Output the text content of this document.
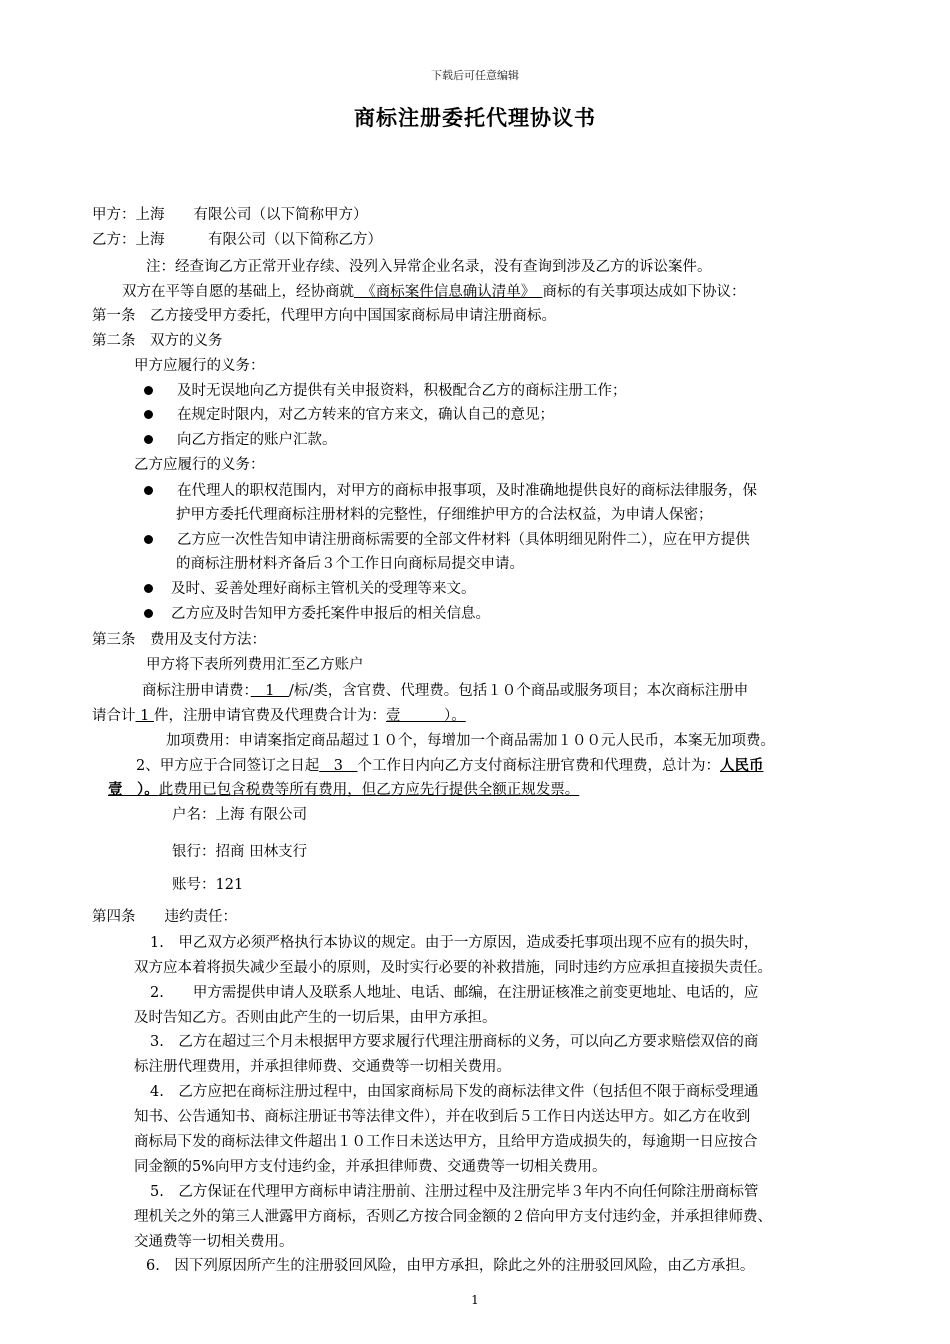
下载后可任意编辑
商标注册委托代理协议书
甲方：上海　　有限公司（以下简称甲方）
乙方：上海　　　有限公司（以下简称乙方）
注：经查询乙方正常开业存续、没列入异常企业名录，没有查询到涉及乙方的诉讼案件。
双方在平等自愿的基础上，经协商就　《商标案件信息确认清单》　商标的有关事项达成如下协议：
第一条　乙方接受甲方委托，代理甲方向中国国家商标局申请注册商标。
第二条　双方的义务
甲方应履行的义务：
及时无误地向乙方提供有关申报资料，积极配合乙方的商标注册工作；
在规定时限内，对乙方转来的官方来文，确认自己的意见；
向乙方指定的账户汇款。
乙方应履行的义务：
在代理人的职权范围内，对甲方的商标申报事项，及时准确地提供良好的商标法律服务，保
护甲方委托代理商标注册材料的完整性，仔细维护甲方的合法权益，为申请人保密；
乙方应一次性告知申请注册商标需要的全部文件材料（具体明细见附件二），应在甲方提供
的商标注册材料齐备后３个工作日向商标局提交申请。
及时、妥善处理好商标主管机关的受理等来文。
乙方应及时告知甲方委托案件申报后的相关信息。
第三条　费用及支付方法：
甲方将下表所列费用汇至乙方账户
商标注册申请费：　1　/标/类，含官费、代理费。包括１０个商品或服务项目；本次商标注册申
请合计 1 件，注册申请官费及代理费合计为：壹　　　）。
加项费用：申请案指定商品超过１０个，每增加一个商品需加１００元人民币，本案无加项费。
2、甲方应于合同签订之日起　3　个工作日内向乙方支付商标注册官费和代理费，总计为：人民币
壹　）。此费用已包含税费等所有费用，但乙方应先行提供全额正规发票。
户名：上海 有限公司
银行：招商 田林支行
账号：121
第四条　　违约责任：
1.　甲乙双方必须严格执行本协议的规定。由于一方原因，造成委托事项出现不应有的损失时，
双方应本着将损失减少至最小的原则，及时实行必要的补救措施，同时违约方应承担直接损失责任。
2.　　甲方需提供申请人及联系人地址、电话、邮编，在注册证核准之前变更地址、电话的，应
及时告知乙方。否则由此产生的一切后果，由甲方承担。
3.　乙方在超过三个月未根据甲方要求履行代理注册商标的义务，可以向乙方要求赔偿双倍的商
标注册代理费用，并承担律师费、交通费等一切相关费用。
4.　乙方应把在商标注册过程中，由国家商标局下发的商标法律文件（包括但不限于商标受理通
知书、公告通知书、商标注册证书等法律文件），并在收到后５工作日内送达甲方。如乙方在收到
商标局下发的商标法律文件超出１０工作日未送达甲方，且给甲方造成损失的，每逾期一日应按合
同金额的5%向甲方支付违约金，并承担律师费、交通费等一切相关费用。
5.　乙方保证在代理甲方商标申请注册前、注册过程中及注册完毕３年内不向任何除注册商标管
理机关之外的第三人泄露甲方商标，否则乙方按合同金额的２倍向甲方支付违约金，并承担律师费、
交通费等一切相关费用。
6.　因下列原因所产生的注册驳回风险，由甲方承担，除此之外的注册驳回风险，由乙方承担。
1
